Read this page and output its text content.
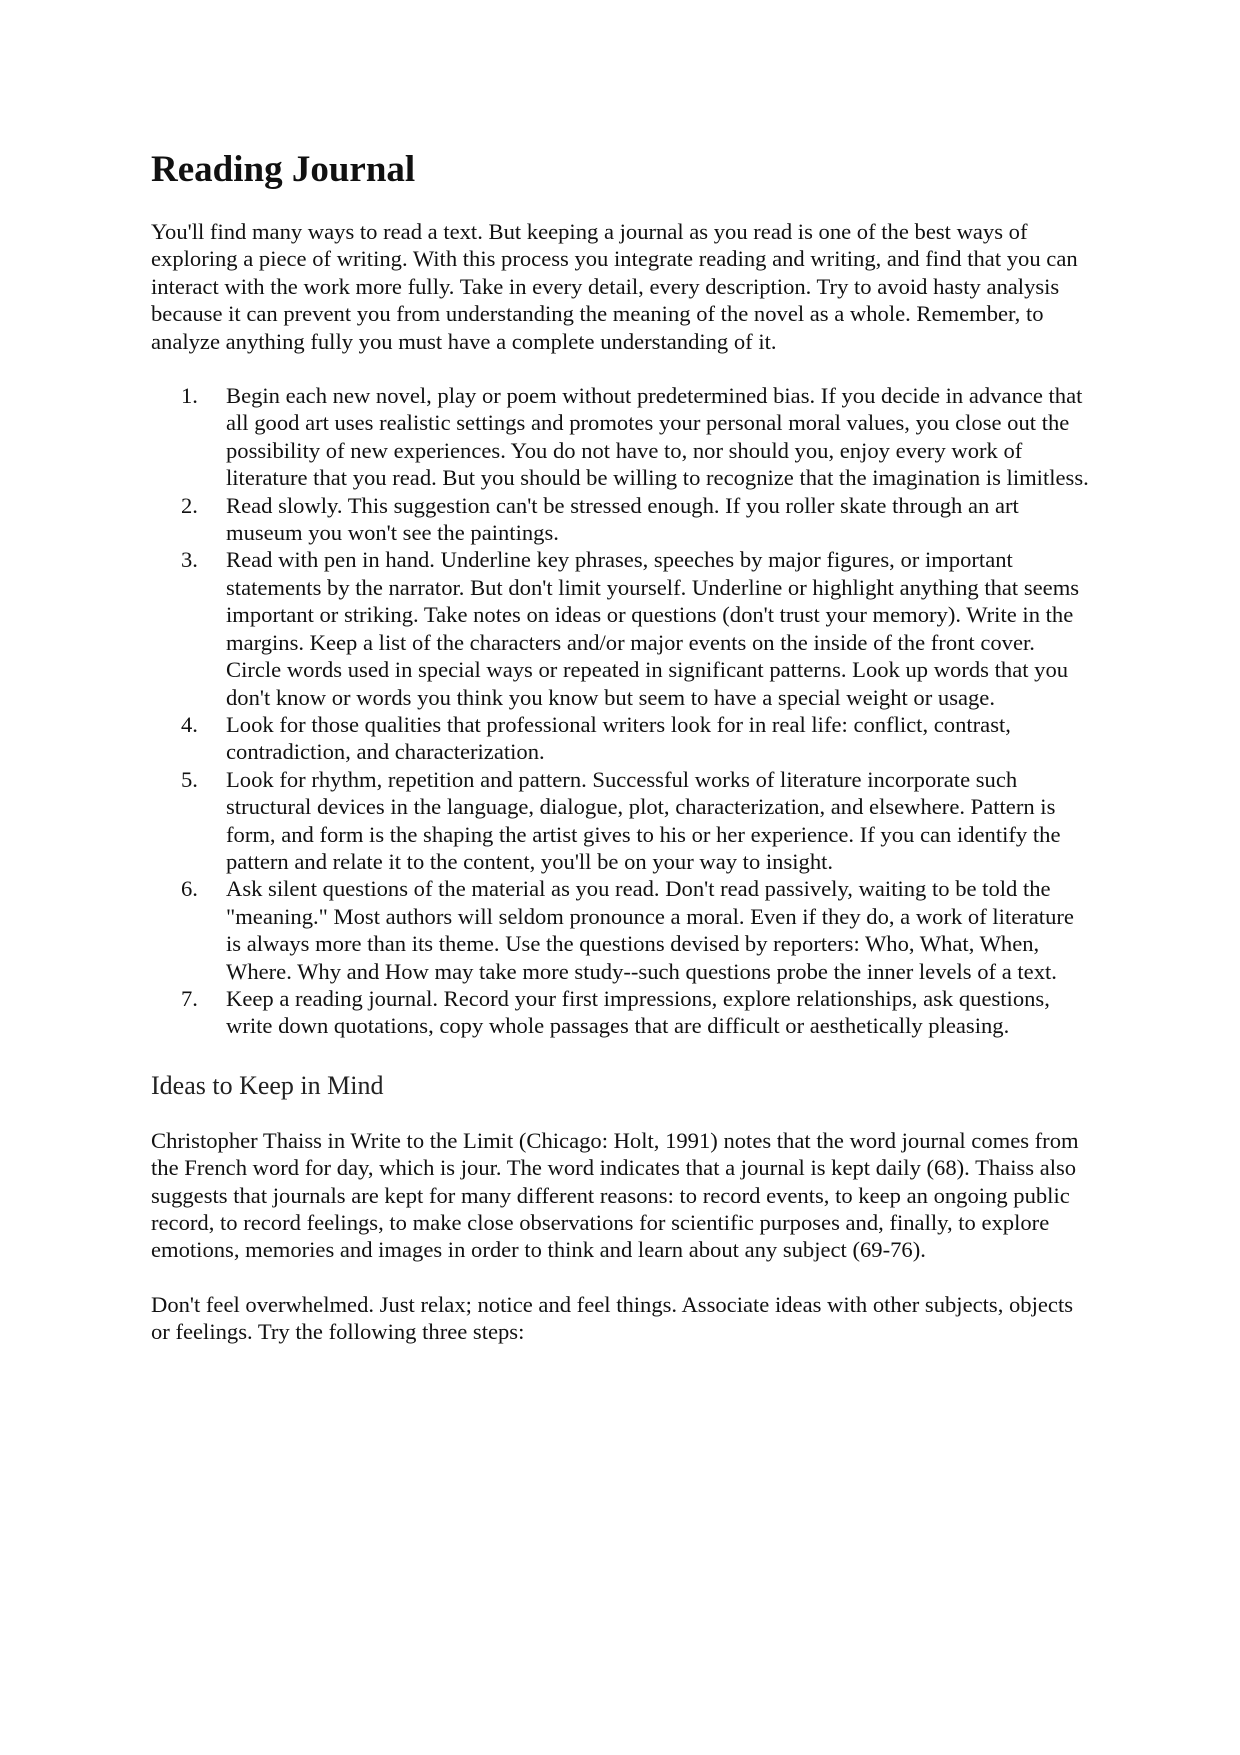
Reading Journal

You'll find many ways to read a text. But keeping a journal as you read is one of the best ways of exploring a piece of writing. With this process you integrate reading and writing, and find that you can interact with the work more fully. Take in every detail, every description. Try to avoid hasty analysis because it can prevent you from understanding the meaning of the novel as a whole. Remember, to analyze anything fully you must have a complete understanding of it.

1. Begin each new novel, play or poem without predetermined bias. If you decide in advance that all good art uses realistic settings and promotes your personal moral values, you close out the possibility of new experiences. You do not have to, nor should you, enjoy every work of literature that you read. But you should be willing to recognize that the imagination is limitless.
2. Read slowly. This suggestion can't be stressed enough. If you roller skate through an art museum you won't see the paintings.
3. Read with pen in hand. Underline key phrases, speeches by major figures, or important statements by the narrator. But don't limit yourself. Underline or highlight anything that seems important or striking. Take notes on ideas or questions (don't trust your memory). Write in the margins. Keep a list of the characters and/or major events on the inside of the front cover. Circle words used in special ways or repeated in significant patterns. Look up words that you don't know or words you think you know but seem to have a special weight or usage.
4. Look for those qualities that professional writers look for in real life: conflict, contrast, contradiction, and characterization.
5. Look for rhythm, repetition and pattern. Successful works of literature incorporate such structural devices in the language, dialogue, plot, characterization, and elsewhere. Pattern is form, and form is the shaping the artist gives to his or her experience. If you can identify the pattern and relate it to the content, you'll be on your way to insight.
6. Ask silent questions of the material as you read. Don't read passively, waiting to be told the "meaning." Most authors will seldom pronounce a moral. Even if they do, a work of literature is always more than its theme. Use the questions devised by reporters: Who, What, When, Where. Why and How may take more study--such questions probe the inner levels of a text.
7. Keep a reading journal. Record your first impressions, explore relationships, ask questions, write down quotations, copy whole passages that are difficult or aesthetically pleasing.
Ideas to Keep in Mind

Christopher Thaiss in Write to the Limit (Chicago: Holt, 1991) notes that the word journal comes from the French word for day, which is jour. The word indicates that a journal is kept daily (68). Thaiss also suggests that journals are kept for many different reasons: to record events, to keep an ongoing public record, to record feelings, to make close observations for scientific purposes and, finally, to explore emotions, memories and images in order to think and learn about any subject (69-76).

Don't feel overwhelmed. Just relax; notice and feel things. Associate ideas with other subjects, objects or feelings. Try the following three steps:
